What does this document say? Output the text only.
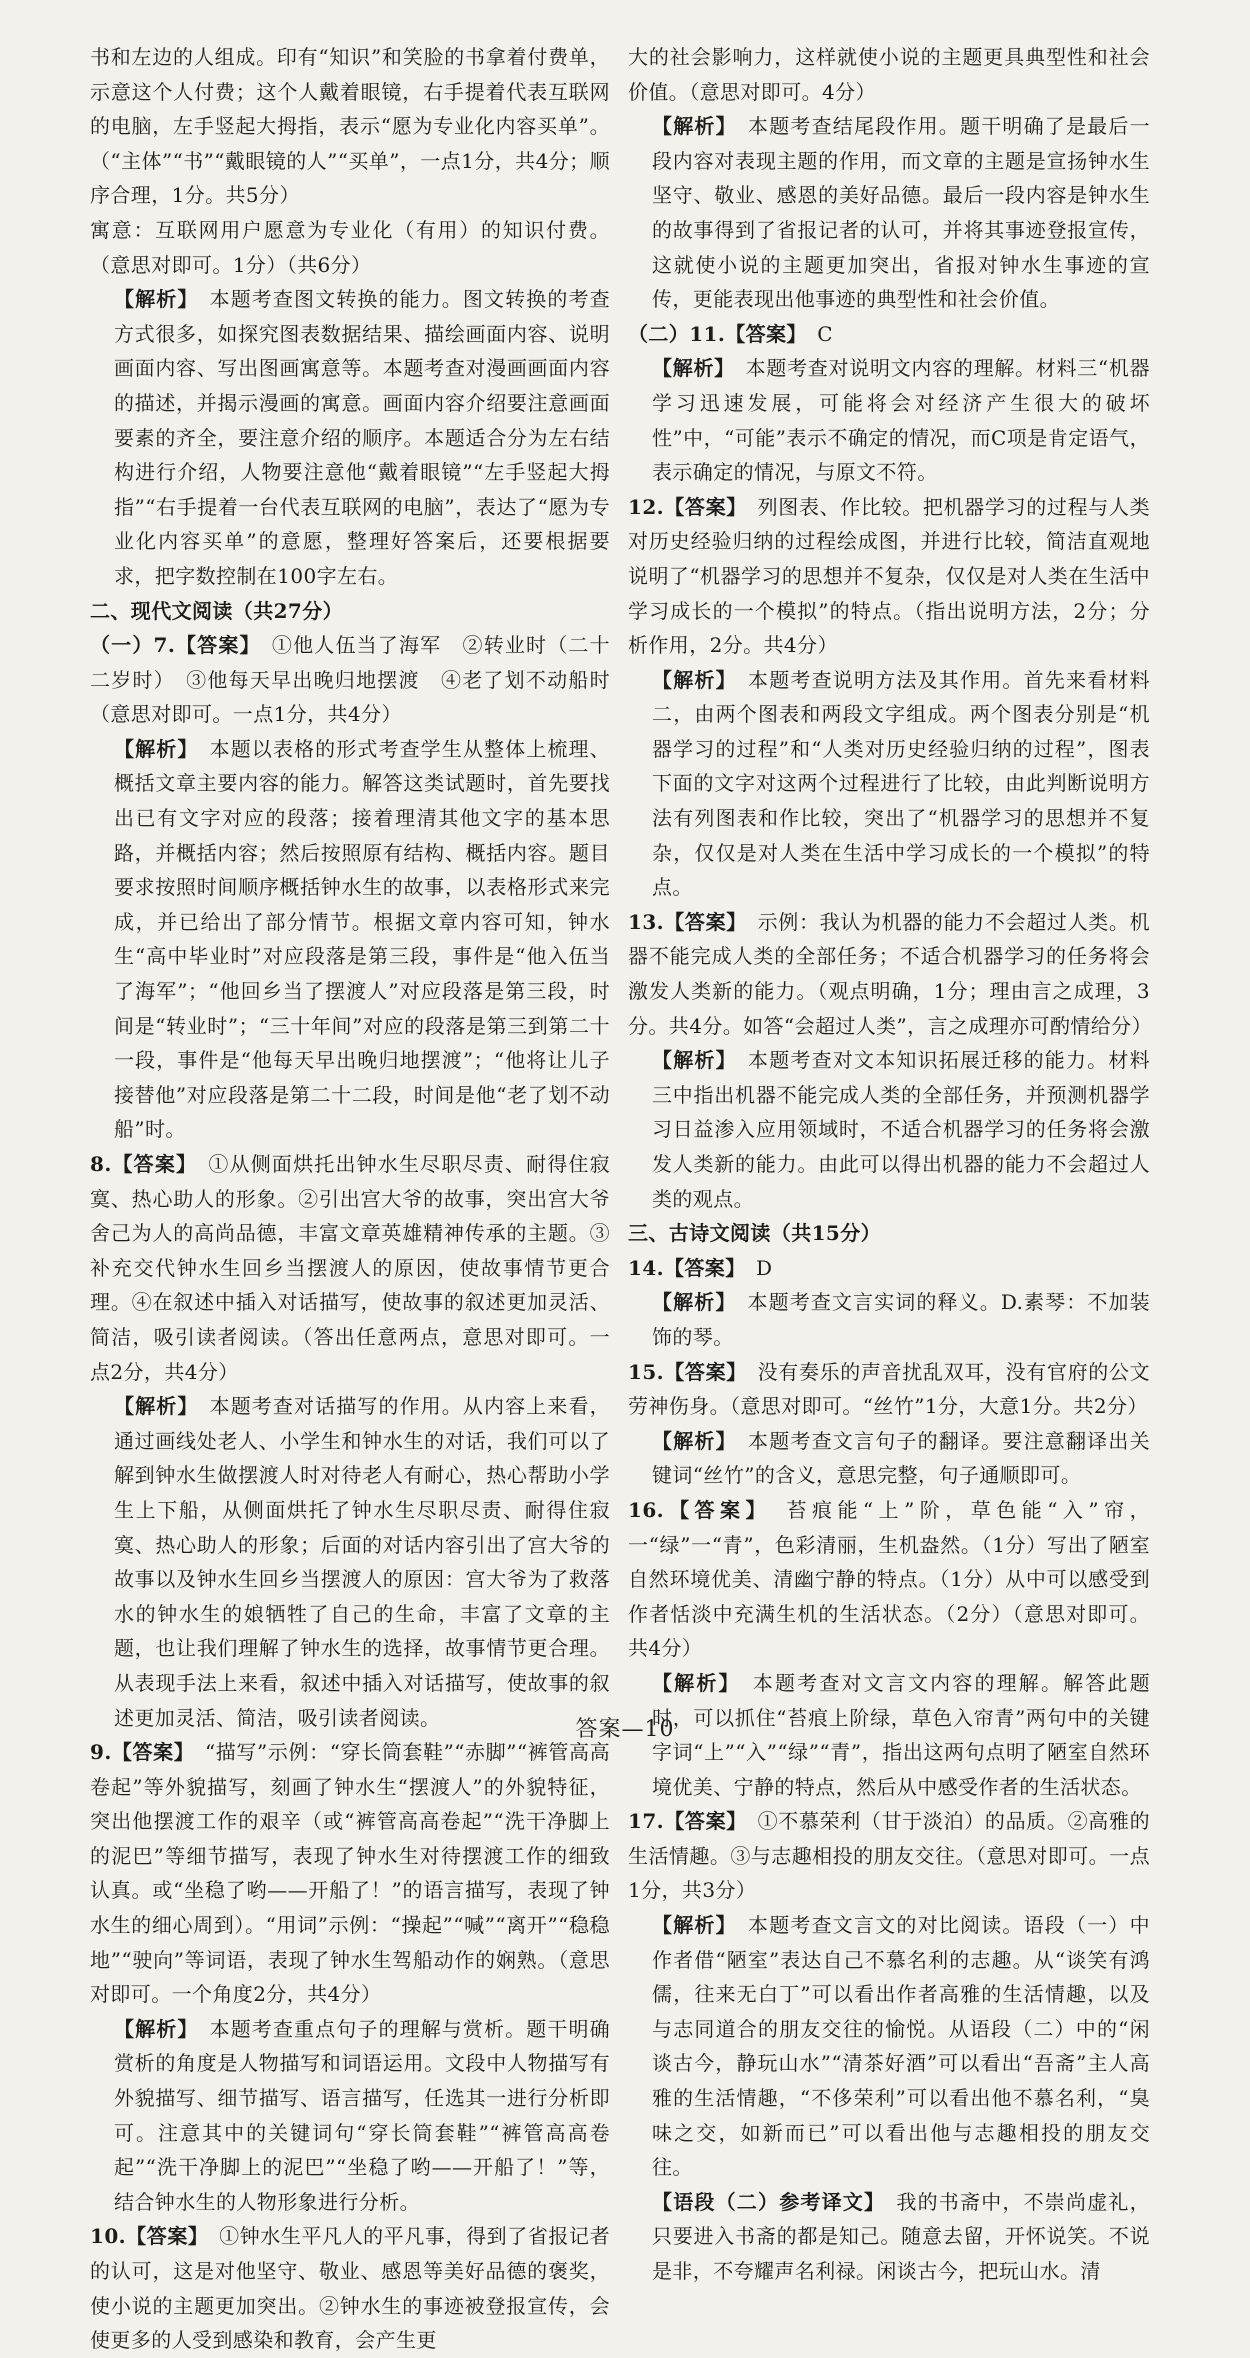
书和左边的人组成。印有“知识”和笑脸的书拿着付费单，示意这个人付费；这个人戴着眼镜，右手提着代表互联网的电脑，左手竖起大拇指，表示“愿为专业化内容买单”。（“主体”“书”“戴眼镜的人”“买单”，一点1分，共4分；顺序合理，1分。共5分）

寓意：互联网用户愿意为专业化（有用）的知识付费。（意思对即可。1分）（共6分）

【解析】　 本题考查图文转换的能力。图文转换的考查方式很多，如探究图表数据结果、描绘画面内容、说明画面内容、写出图画寓意等。本题考查对漫画画面内容的描述，并揭示漫画的寓意。画面内容介绍要注意画面要素的齐全，要注意介绍的顺序。本题适合分为左右结构进行介绍，人物要注意他“戴着眼镜”“左手竖起大拇指”“右手提着一台代表互联网的电脑”，表达了“愿为专业化内容买单”的意愿，整理好答案后，还要根据要求，把字数控制在100字左右。

二、现代文阅读（共27分）

（一）7.【答案】　 ①他人伍当了海军　②转业时（二十二岁时）　③他每天早出晚归地摆渡　④老了划不动船时（意思对即可。一点1分，共4分）

【解析】　 本题以表格的形式考查学生从整体上梳理、概括文章主要内容的能力。解答这类试题时，首先要找出已有文字对应的段落；接着理清其他文字的基本思路，并概括内容；然后按照原有结构、概括内容。题目要求按照时间顺序概括钟水生的故事，以表格形式来完成，并已给出了部分情节。根据文章内容可知，钟水生“高中毕业时”对应段落是第三段，事件是“他入伍当了海军”；“他回乡当了摆渡人”对应段落是第三段，时间是“转业时”；“三十年间”对应的段落是第三到第二十一段，事件是“他每天早出晚归地摆渡”；“他将让儿子接替他”对应段落是第二十二段，时间是他“老了划不动船”时。

8.【答案】　 ①从侧面烘托出钟水生尽职尽责、耐得住寂寞、热心助人的形象。②引出宫大爷的故事，突出宫大爷舍己为人的高尚品德，丰富文章英雄精神传承的主题。③补充交代钟水生回乡当摆渡人的原因，使故事情节更合理。④在叙述中插入对话描写，使故事的叙述更加灵活、简洁，吸引读者阅读。（答出任意两点，意思对即可。一点2分，共4分）

【解析】　 本题考查对话描写的作用。从内容上来看，通过画线处老人、小学生和钟水生的对话，我们可以了解到钟水生做摆渡人时对待老人有耐心，热心帮助小学生上下船，从侧面烘托了钟水生尽职尽责、耐得住寂寞、热心助人的形象；后面的对话内容引出了宫大爷的故事以及钟水生回乡当摆渡人的原因：宫大爷为了救落水的钟水生的娘牺牲了自己的生命，丰富了文章的主题，也让我们理解了钟水生的选择，故事情节更合理。从表现手法上来看，叙述中插入对话描写，使故事的叙述更加灵活、简洁，吸引读者阅读。

9.【答案】　 “描写”示例：“穿长筒套鞋”“赤脚”“裤管高高卷起”等外貌描写，刻画了钟水生“摆渡人”的外貌特征，突出他摆渡工作的艰辛（或“裤管高高卷起”“洗干净脚上的泥巴”等细节描写，表现了钟水生对待摆渡工作的细致认真。或“坐稳了哟——开船了！”的语言描写，表现了钟水生的细心周到）。“用词”示例：“操起”“喊”“离开”“稳稳地”“驶向”等词语，表现了钟水生驾船动作的娴熟。（意思对即可。一个角度2分，共4分）

【解析】　 本题考查重点句子的理解与赏析。题干明确赏析的角度是人物描写和词语运用。文段中人物描写有外貌描写、细节描写、语言描写，任选其一进行分析即可。注意其中的关键词句“穿长筒套鞋”“裤管高高卷起”“洗干净脚上的泥巴”“坐稳了哟——开船了！”等，结合钟水生的人物形象进行分析。

10.【答案】　 ①钟水生平凡人的平凡事，得到了省报记者的认可，这是对他坚守、敬业、感恩等美好品德的褒奖，使小说的主题更加突出。②钟水生的事迹被登报宣传，会使更多的人受到感染和教育，会产生更

大的社会影响力，这样就使小说的主题更具典型性和社会价值。（意思对即可。4分）

【解析】　 本题考查结尾段作用。题干明确了是最后一段内容对表现主题的作用，而文章的主题是宣扬钟水生坚守、敬业、感恩的美好品德。最后一段内容是钟水生的故事得到了省报记者的认可，并将其事迹登报宣传，这就使小说的主题更加突出，省报对钟水生事迹的宣传，更能表现出他事迹的典型性和社会价值。

（二）11.【答案】　 C

【解析】　 本题考查对说明文内容的理解。材料三“机器学习迅速发展，可能将会对经济产生很大的破坏性”中，“可能”表示不确定的情况，而C项是肯定语气，表示确定的情况，与原文不符。

12.【答案】　 列图表、作比较。把机器学习的过程与人类对历史经验归纳的过程绘成图，并进行比较，简洁直观地说明了“机器学习的思想并不复杂，仅仅是对人类在生活中学习成长的一个模拟”的特点。（指出说明方法，2分；分析作用，2分。共4分）

【解析】　 本题考查说明方法及其作用。首先来看材料二，由两个图表和两段文字组成。两个图表分别是“机器学习的过程”和“人类对历史经验归纳的过程”，图表下面的文字对这两个过程进行了比较，由此判断说明方法有列图表和作比较，突出了“机器学习的思想并不复杂，仅仅是对人类在生活中学习成长的一个模拟”的特点。

13.【答案】　 示例：我认为机器的能力不会超过人类。机器不能完成人类的全部任务；不适合机器学习的任务将会激发人类新的能力。（观点明确，1分；理由言之成理，3分。共4分。如答“会超过人类”，言之成理亦可酌情给分）

【解析】　 本题考查对文本知识拓展迁移的能力。材料三中指出机器不能完成人类的全部任务，并预测机器学习日益渗入应用领域时，不适合机器学习的任务将会激发人类新的能力。由此可以得出机器的能力不会超过人类的观点。

三、古诗文阅读（共15分）

14.【答案】　 D

【解析】　 本题考查文言实词的释义。D.素琴：不加装饰的琴。

15.【答案】　 没有奏乐的声音扰乱双耳，没有官府的公文劳神伤身。（意思对即可。“丝竹”1分，大意1分。共2分）

【解析】　 本题考查文言句子的翻译。要注意翻译出关键词“丝竹”的含义，意思完整，句子通顺即可。

16.【答案】　 苔痕能“上”阶，草色能“入”帘，一“绿”一“青”，色彩清丽，生机盎然。（1分）写出了陋室自然环境优美、清幽宁静的特点。（1分）从中可以感受到作者恬淡中充满生机的生活状态。（2分）（意思对即可。共4分）

【解析】　 本题考查对文言文内容的理解。解答此题时，可以抓住“苔痕上阶绿，草色入帘青”两句中的关键字词“上”“入”“绿”“青”，指出这两句点明了陋室自然环境优美、宁静的特点，然后从中感受作者的生活状态。

17.【答案】　 ①不慕荣利（甘于淡泊）的品质。②高雅的生活情趣。③与志趣相投的朋友交往。（意思对即可。一点1分，共3分）

【解析】　 本题考查文言文的对比阅读。语段（一）中作者借“陋室”表达自己不慕名利的志趣。从“谈笑有鸿儒，往来无白丁”可以看出作者高雅的生活情趣，以及与志同道合的朋友交往的愉悦。从语段（二）中的“闲谈古今，静玩山水”“清茶好酒”可以看出“吾斋”主人高雅的生活情趣，“不侈荣利”可以看出他不慕名利，“臭味之交，如新而已”可以看出他与志趣相投的朋友交往。

【语段（二）参考译文】　 我的书斋中，不崇尚虚礼，只要进入书斋的都是知己。随意去留，开怀说笑。不说是非，不夸耀声名利禄。闲谈古今，把玩山水。清

答案—10
